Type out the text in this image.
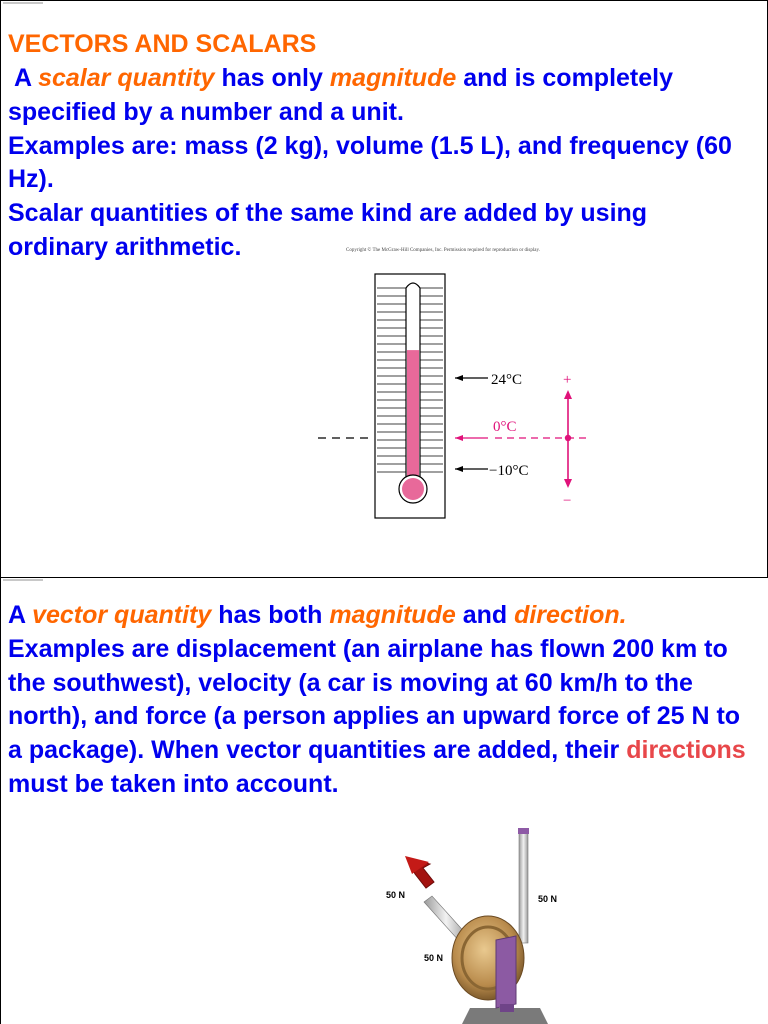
VECTORS AND SCALARS
A scalar quantity has only magnitude and is completely specified by a number and a unit.
Examples are: mass (2 kg), volume (1.5 L), and frequency (60 Hz).
Scalar quantities of the same kind are added by using ordinary arithmetic.	Copyright © The McGraw-Hill Companies, Inc. Permission required for reproduction or display.
24°C
0°C
−10°C
+
−
A vector quantity has both magnitude and direction.
Examples are displacement (an airplane has flown 200 km to the southwest), velocity (a car is moving at 60 km/h to the north), and force (a person applies an upward force of 25 N to a package). When vector quantities are added, their directions must be taken into account.
50 N	50 N
50 N
